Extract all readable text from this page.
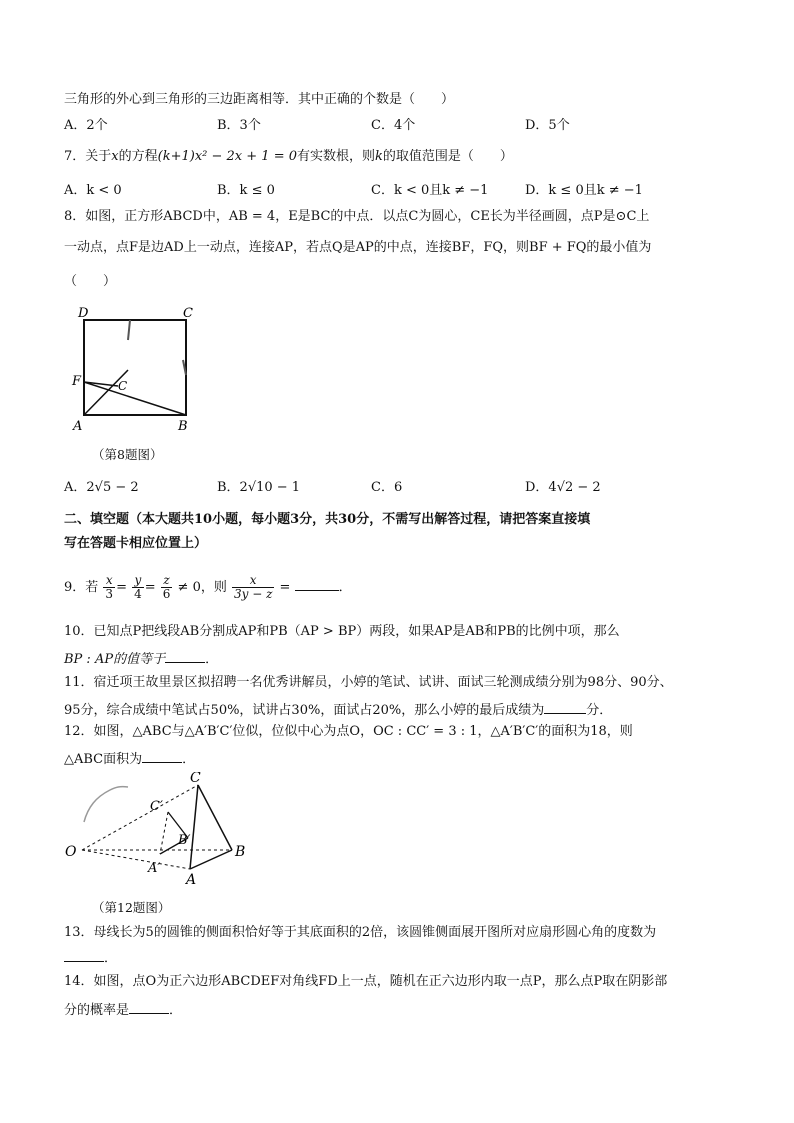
三角形的外心到三角形的三边距离相等．其中正确的个数是（　　）
A．2个	B．3个	C．4个	D．5个
7．关于x的方程(k+1)x² − 2x + 1 = 0有实数根，则k的取值范围是（　　）
A．k < 0	B．k ≤ 0	C．k < 0且k ≠ −1	D．k ≤ 0且k ≠ −1
8．如图，正方形ABCD中，AB = 4，E是BC的中点．以点C为圆心，CE长为半径画圆，点P是⊙C上
一动点，点F是边AD上一动点，连接AP，若点Q是AP的中点，连接BF，FQ，则BF + FQ的最小值为
（　　）
D	C
F	C
A	B
（第8题图）
A．2√5 − 2	B．2√10 − 1	C．6	D．4√2 − 2
二、填空题（本大题共10小题，每小题3分，共30分，不需写出解答过程，请把答案直接填
写在答题卡相应位置上）
9．若 $\frac{x}{3} = \frac{y}{4} = \frac{z}{6} \ne 0$，则 $\frac{x}{3y - z}$ =	．
10．已知点P把线段AB分割成AP和PB（AP > BP）两段，如果AP是AB和PB的比例中项，那么
BP : AP的值等于	．
11．宿迁项王故里景区拟招聘一名优秀讲解员，小婷的笔试、试讲、面试三轮测成绩分别为98分、90分、
95分，综合成绩中笔试占50%，试讲占30%，面试占20%，那么小婷的最后成绩为	分．
12．如图，△ABC与△A′B′C′位似，位似中心为点O，OC : CC′ = 3 : 1，△A′B′C′的面积为18，则
△ABC面积为	．
O
C
B
A
C′
B′
A′
（第12题图）
13．母线长为5的圆锥的侧面积恰好等于其底面积的2倍，该圆锥侧面展开图所对应扇形圆心角的度数为
．
14．如图，点O为正六边形ABCDEF对角线FD上一点，随机在正六边形内取一点P，那么点P取在阴影部
分的概率是	．
